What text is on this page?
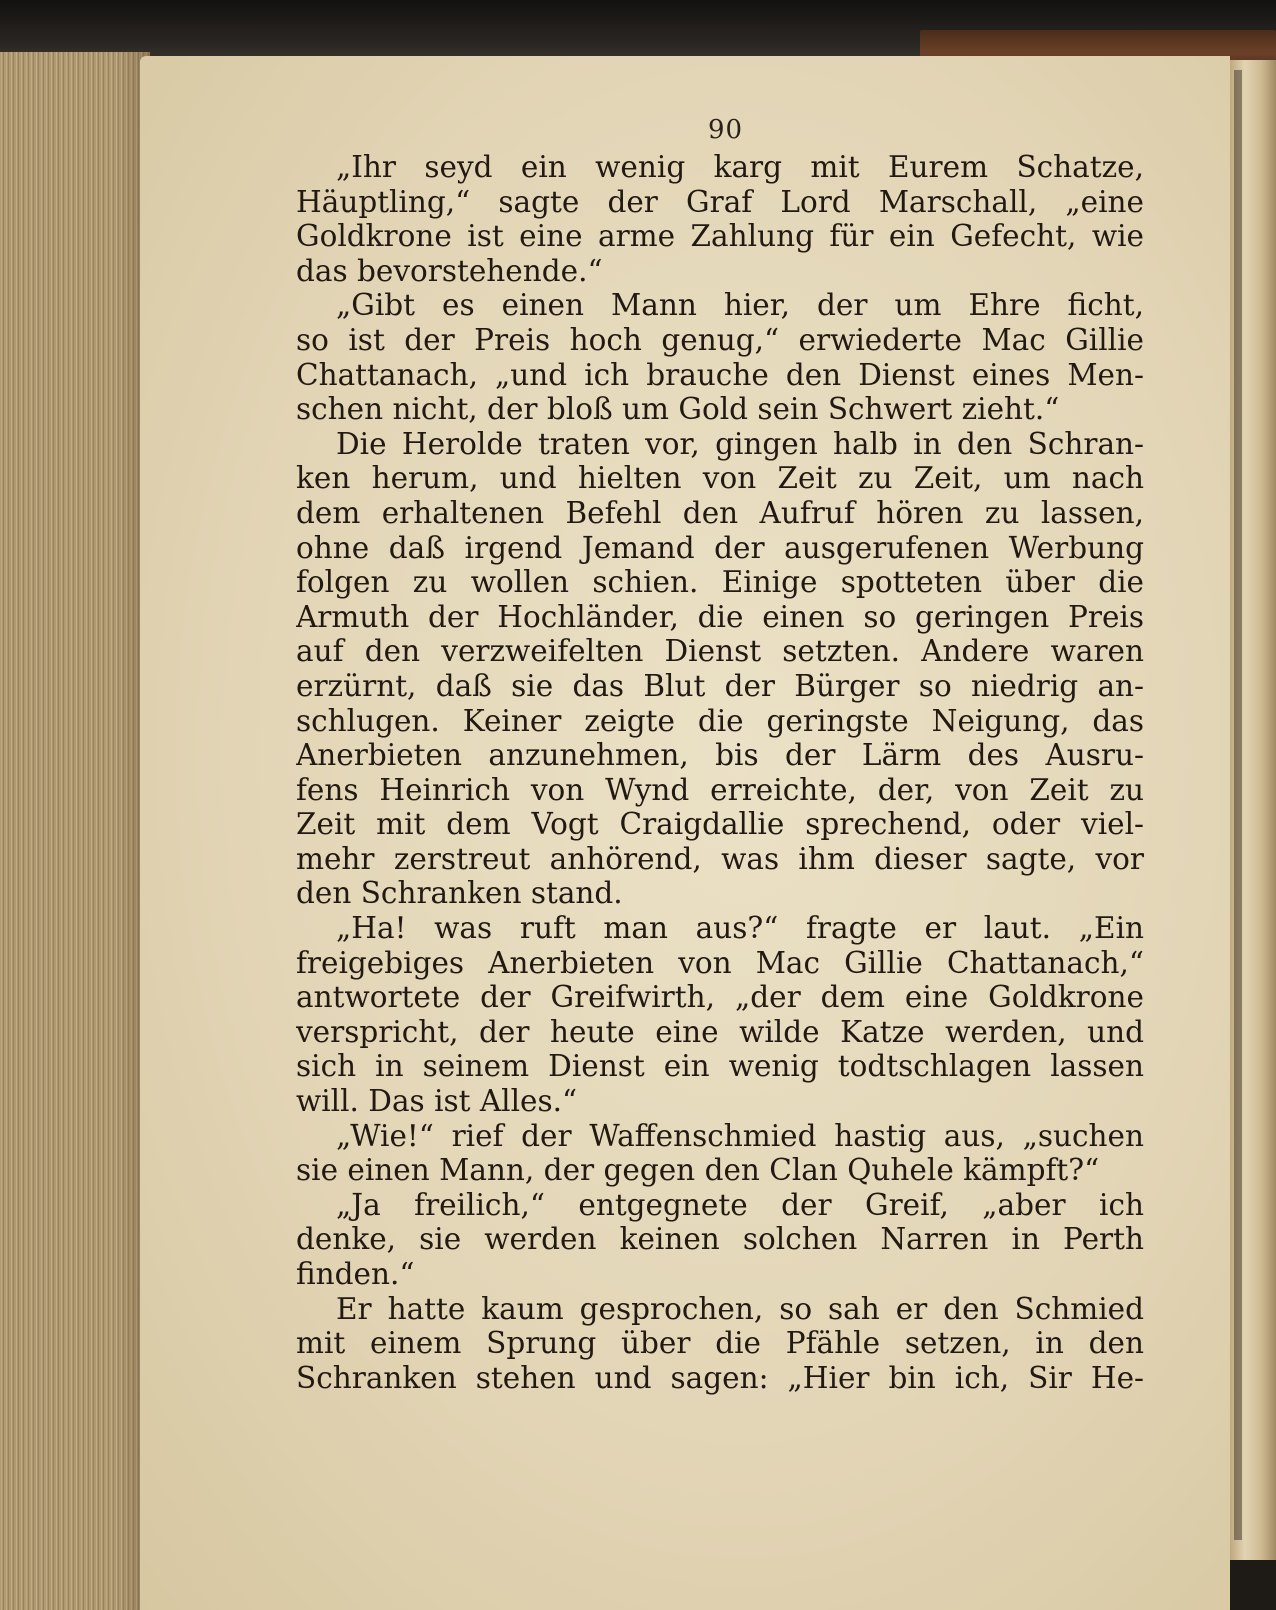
90
„Ihr seyd ein wenig karg mit Eurem Schatze,
Häuptling,“ sagte der Graf Lord Marschall, „eine
Goldkrone ist eine arme Zahlung für ein Gefecht, wie
das bevorstehende.“
„Gibt es einen Mann hier, der um Ehre ficht,
so ist der Preis hoch genug,“ erwiederte Mac Gillie
Chattanach, „und ich brauche den Dienst eines Men-
schen nicht, der bloß um Gold sein Schwert zieht.“
Die Herolde traten vor, gingen halb in den Schran-
ken herum, und hielten von Zeit zu Zeit, um nach
dem erhaltenen Befehl den Aufruf hören zu lassen,
ohne daß irgend Jemand der ausgerufenen Werbung
folgen zu wollen schien. Einige spotteten über die
Armuth der Hochländer, die einen so geringen Preis
auf den verzweifelten Dienst setzten. Andere waren
erzürnt, daß sie das Blut der Bürger so niedrig an-
schlugen. Keiner zeigte die geringste Neigung, das
Anerbieten anzunehmen, bis der Lärm des Ausru-
fens Heinrich von Wynd erreichte, der, von Zeit zu
Zeit mit dem Vogt Craigdallie sprechend, oder viel-
mehr zerstreut anhörend, was ihm dieser sagte, vor
den Schranken stand.
„Ha! was ruft man aus?“ fragte er laut. „Ein
freigebiges Anerbieten von Mac Gillie Chattanach,“
antwortete der Greifwirth, „der dem eine Goldkrone
verspricht, der heute eine wilde Katze werden, und
sich in seinem Dienst ein wenig todtschlagen lassen
will. Das ist Alles.“
„Wie!“ rief der Waffenschmied hastig aus, „suchen
sie einen Mann, der gegen den Clan Quhele kämpft?“
„Ja freilich,“ entgegnete der Greif, „aber ich
denke, sie werden keinen solchen Narren in Perth
finden.“
Er hatte kaum gesprochen, so sah er den Schmied
mit einem Sprung über die Pfähle setzen, in den
Schranken stehen und sagen: „Hier bin ich, Sir He-
